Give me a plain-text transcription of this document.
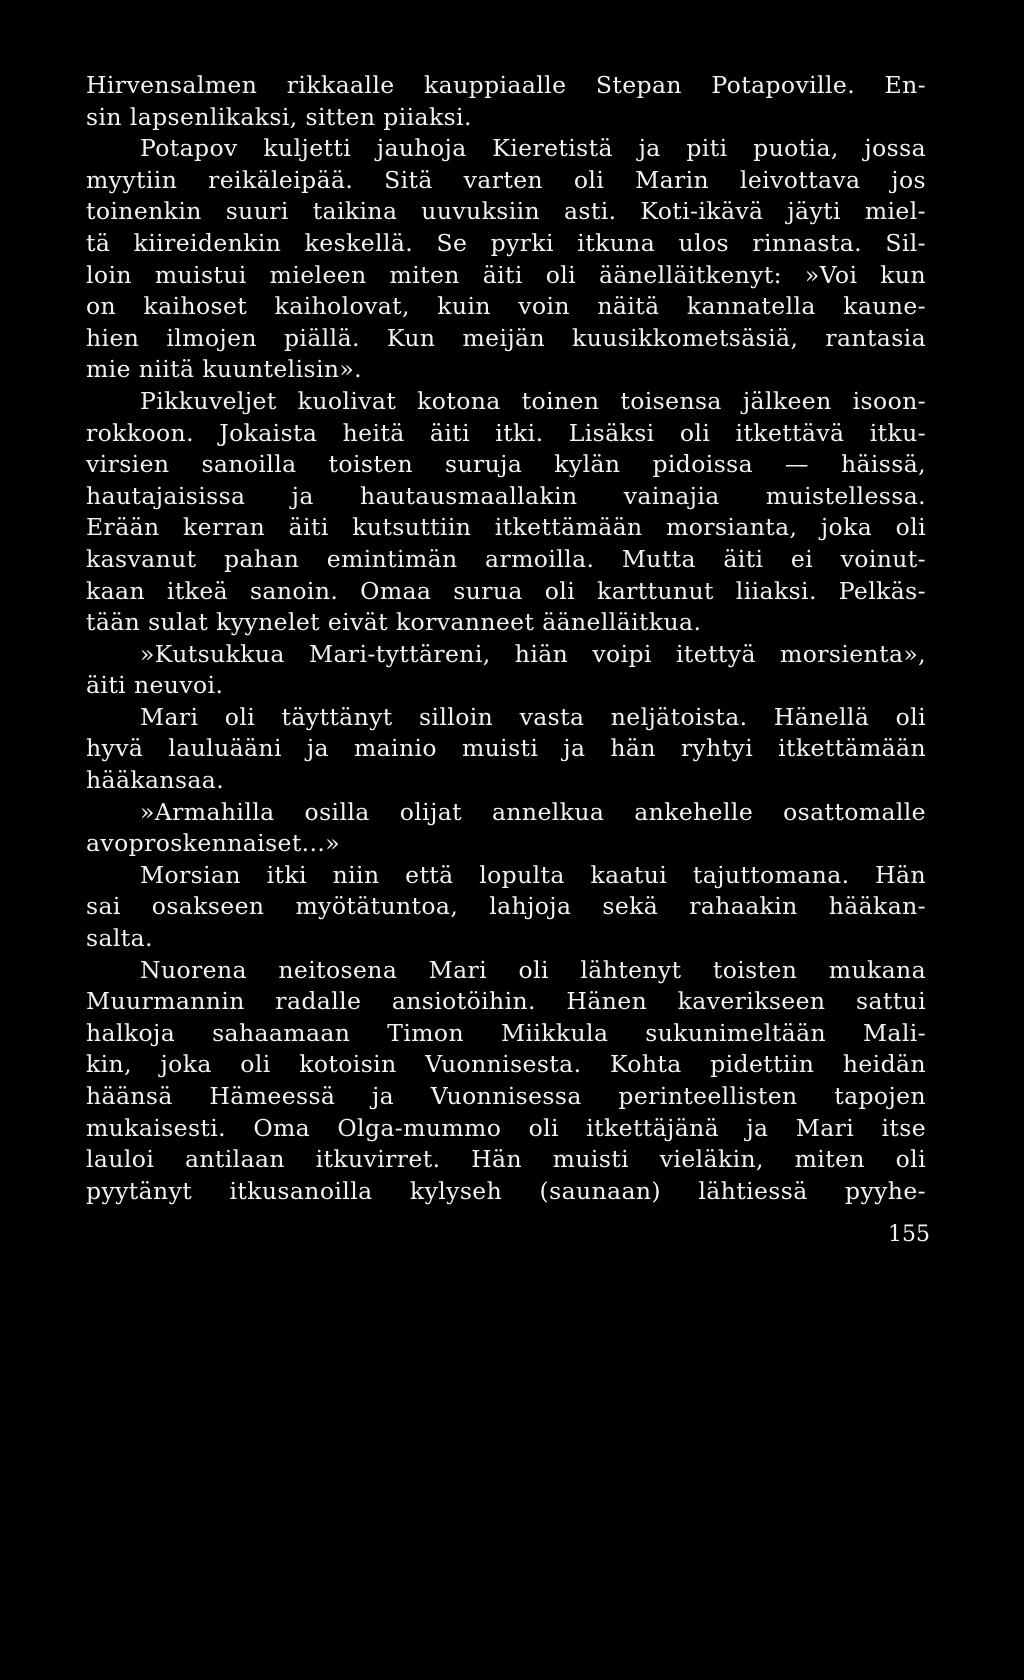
Hirvensalmen rikkaalle kauppiaalle Stepan Potapoville. En-
sin lapsenlikaksi, sitten piiaksi.
Potapov kuljetti jauhoja Kieretistä ja piti puotia, jossa
myytiin reikäleipää. Sitä varten oli Marin leivottava jos
toinenkin suuri taikina uuvuksiin asti. Koti-ikävä jäyti miel-
tä kiireidenkin keskellä. Se pyrki itkuna ulos rinnasta. Sil-
loin muistui mieleen miten äiti oli äänelläitkenyt: »Voi kun
on kaihoset kaiholovat, kuin voin näitä kannatella kaune-
hien ilmojen piällä. Kun meijän kuusikkometsäsiä, rantasia
mie niitä kuuntelisin».
Pikkuveljet kuolivat kotona toinen toisensa jälkeen isoon-
rokkoon. Jokaista heitä äiti itki. Lisäksi oli itkettävä itku-
virsien sanoilla toisten suruja kylän pidoissa — häissä,
hautajaisissa ja hautausmaallakin vainajia muistellessa.
Erään kerran äiti kutsuttiin itkettämään morsianta, joka oli
kasvanut pahan emintimän armoilla. Mutta äiti ei voinut-
kaan itkeä sanoin. Omaa surua oli karttunut liiaksi. Pelkäs-
tään sulat kyynelet eivät korvanneet äänelläitkua.
»Kutsukkua Mari-tyttäreni, hiän voipi itettyä morsienta»,
äiti neuvoi.
Mari oli täyttänyt silloin vasta neljätoista. Hänellä oli
hyvä lauluääni ja mainio muisti ja hän ryhtyi itkettämään
hääkansaa.
»Armahilla osilla olijat annelkua ankehelle osattomalle
avoproskennaiset...»
Morsian itki niin että lopulta kaatui tajuttomana. Hän
sai osakseen myötätuntoa, lahjoja sekä rahaakin hääkan-
salta.
Nuorena neitosena Mari oli lähtenyt toisten mukana
Muurmannin radalle ansiotöihin. Hänen kaverikseen sattui
halkoja sahaamaan Timon Miikkula sukunimeltään Mali-
kin, joka oli kotoisin Vuonnisesta. Kohta pidettiin heidän
häänsä Hämeessä ja Vuonnisessa perinteellisten tapojen
mukaisesti. Oma Olga-mummo oli itkettäjänä ja Mari itse
lauloi antilaan itkuvirret. Hän muisti vieläkin, miten oli
pyytänyt itkusanoilla kylyseh (saunaan) lähtiessä pyyhe-
155
